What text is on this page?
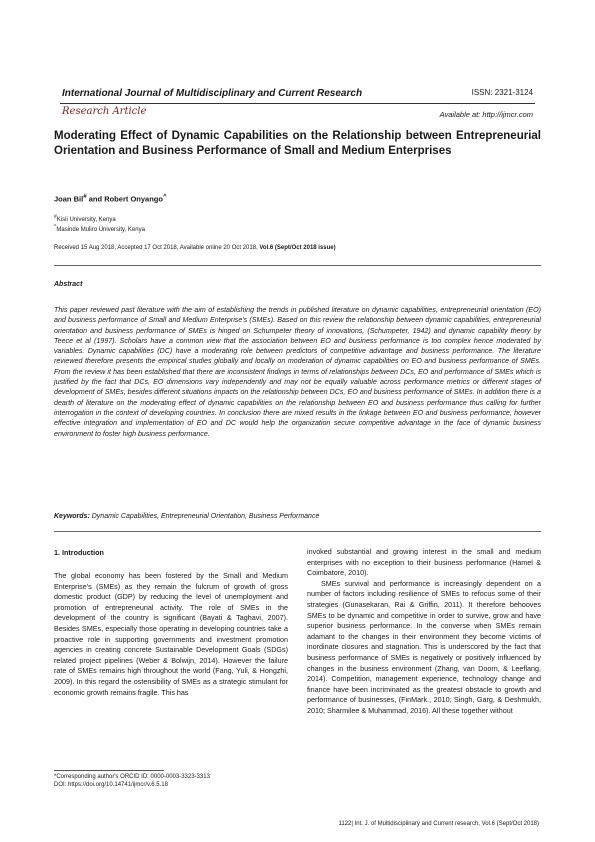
International Journal of Multidisciplinary and Current Research	ISSN: 2321-3124
Research Article	Available at: http://ijmcr.com
Moderating Effect of Dynamic Capabilities on the Relationship between Entrepreneurial Orientation and Business Performance of Small and Medium Enterprises
Joan Bil# and Robert Onyango^
#Kisii University, Kenya
^Masinde Muliro University, Kenya
Received 15 Aug 2018, Accepted 17 Oct 2018, Available online 20 Oct 2018, Vol.6 (Sept/Oct 2018 issue)
Abstract
This paper reviewed past literature with the aim of establishing the trends in published literature on dynamic capabilities, entrepreneurial orientation (EO) and business performance of Small and Medium Enterprise's (SMEs). Based on this review the relationship between dynamic capabilities, entrepreneurial orientation and business performance of SMEs is hinged on Schumpeter theory of innovations, (Schumpeter, 1942) and dynamic capability theory by Teece et al (1997). Scholars have a common view that the association between EO and business performance is too complex hence moderated by variables. Dynamic capabilities (DC) have a moderating role between predictors of competitive advantage and business performance. The literature reviewed therefore presents the empirical studies globally and locally on moderation of dynamic capabilities on EO and business performance of SMEs. From the review it has been established that there are inconsistent findings in terms of relationships between DCs, EO and performance of SMEs which is justified by the fact that DCs, EO dimensions vary independently and may not be equally valuable across performance metrics or different stages of development of SMEs, besides different situations impacts on the relationship between DCs, EO and business performance of SMEs. In addition there is a dearth of literature on the moderating effect of dynamic capabilities on the relationship between EO and business performance thus calling for further interrogation in the context of developing countries. In conclusion there are mixed results in the linkage between EO and business performance, however effective integration and implementation of EO and DC would help the organization secure competitive advantage in the face of dynamic business environment to foster high business performance.
Keywords: Dynamic Capabilities, Entrepreneurial Orientation, Business Performance
1. Introduction

The global economy has been fostered by the Small and Medium Enterprise's (SMEs) as they remain the fulcrum of growth of gross domestic product (GDP) by reducing the level of unemployment and promotion of entrepreneurial activity. The role of SMEs in the development of the country is significant (Bayati & Taghavi, 2007). Besides SMEs, especially those operating in developing countries take a proactive role in supporting governments and investment promotion agencies in creating concrete Sustainable Development Goals (SDGs) related project pipelines (Weber & Bolwijn, 2014). However the failure rate of SMEs remains high throughout the world (Fang, Yuli, & Hongzhi, 2009). In this regard the ostensibility of SMEs as a strategic stimulant for economic growth remains fragile. This has

invoked substantial and growing interest in the small and medium enterprises with no exception to their business performance (Hamel & Coimbatore, 2010).

SMEs survival and performance is increasingly dependent on a number of factors including resilience of SMEs to refocus some of their strategies (Gunasekaran, Rai & Griffin, 2011). It therefore behooves SMEs to be dynamic and competitive in order to survive, grow and have superior business performance. In the converse when SMEs remain adamant to the changes in their environment they become victims of inordinate closures and stagnation. This is underscored by the fact that business performance of SMEs is negatively or positively influenced by changes in the business environment (Zhang, van Doorn, & Leeflang, 2014). Competition, management experience, technology change and finance have been incriminated as the greatest obstacle to growth and performance of businesses, (FinMark., 2010; Singh, Garg, & Deshmukh, 2010; Sharmilee & Muhammad, 2016). All these together without

*Corresponding author's ORCID ID: 0000-0003-3323-3313
DOI: https://doi.org/10.14741/ijmcr/v.6.5.18
1122| Int. J. of Multidisciplinary and Current research, Vol.6 (Sept/Oct 2018)
